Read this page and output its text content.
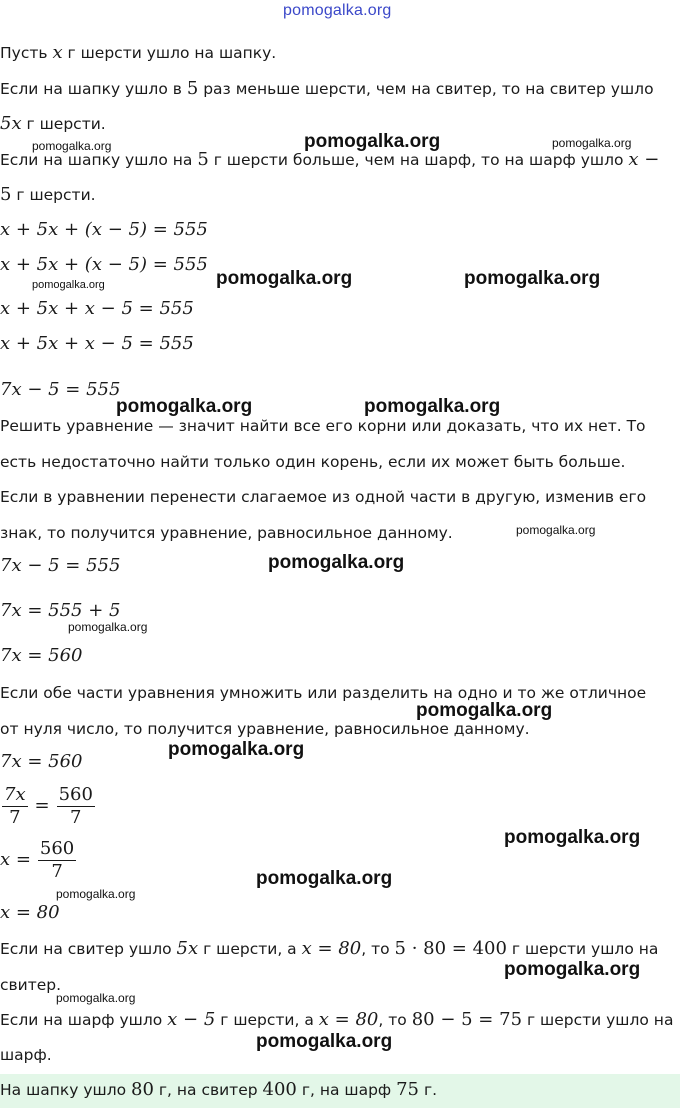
pomogalka.org
Пусть x г шерсти ушло на шапку.
Если на шапку ушло в 5 раз меньше шерсти, чем на свитер, то на свитер ушло
5x г шерсти.
Если на шапку ушло на 5 г шерсти больше, чем на шарф, то на шарф ушло x −
5 г шерсти.
x + 5x + (x − 5) = 555
x + 5x + (x − 5) = 555
x + 5x + x − 5 = 555
x + 5x + x − 5 = 555
7x − 5 = 555
Решить уравнение — значит найти все его корни или доказать, что их нет. То
есть недостаточно найти только один корень, если их может быть больше.
Если в уравнении перенести слагаемое из одной части в другую, изменив его
знак, то получится уравнение, равносильное данному.
7x − 5 = 555
7x = 555 + 5
7x = 560
Если обе части уравнения умножить или разделить на одно и то же отличное
от нуля число, то получится уравнение, равносильное данному.
7x = 560
$\frac{7x}{7} = \frac{560}{7}$
$x = \frac{560}{7}$
x = 80
Если на свитер ушло 5x г шерсти, а x = 80, то 5 · 80 = 400 г шерсти ушло на
свитер.
Если на шарф ушло x − 5 г шерсти, а x = 80, то 80 − 5 = 75 г шерсти ушло на
шарф.
На шапку ушло 80 г, на свитер 400 г, на шарф 75 г.
pomogalka.org
pomogalka.org	pomogalka.org
pomogalka.org	pomogalka.org
pomogalka.org
pomogalka.org	pomogalka.org
pomogalka.org
pomogalka.org
pomogalka.org
pomogalka.org
pomogalka.org
pomogalka.org
pomogalka.org
pomogalka.org
pomogalka.org
pomogalka.org
pomogalka.org
